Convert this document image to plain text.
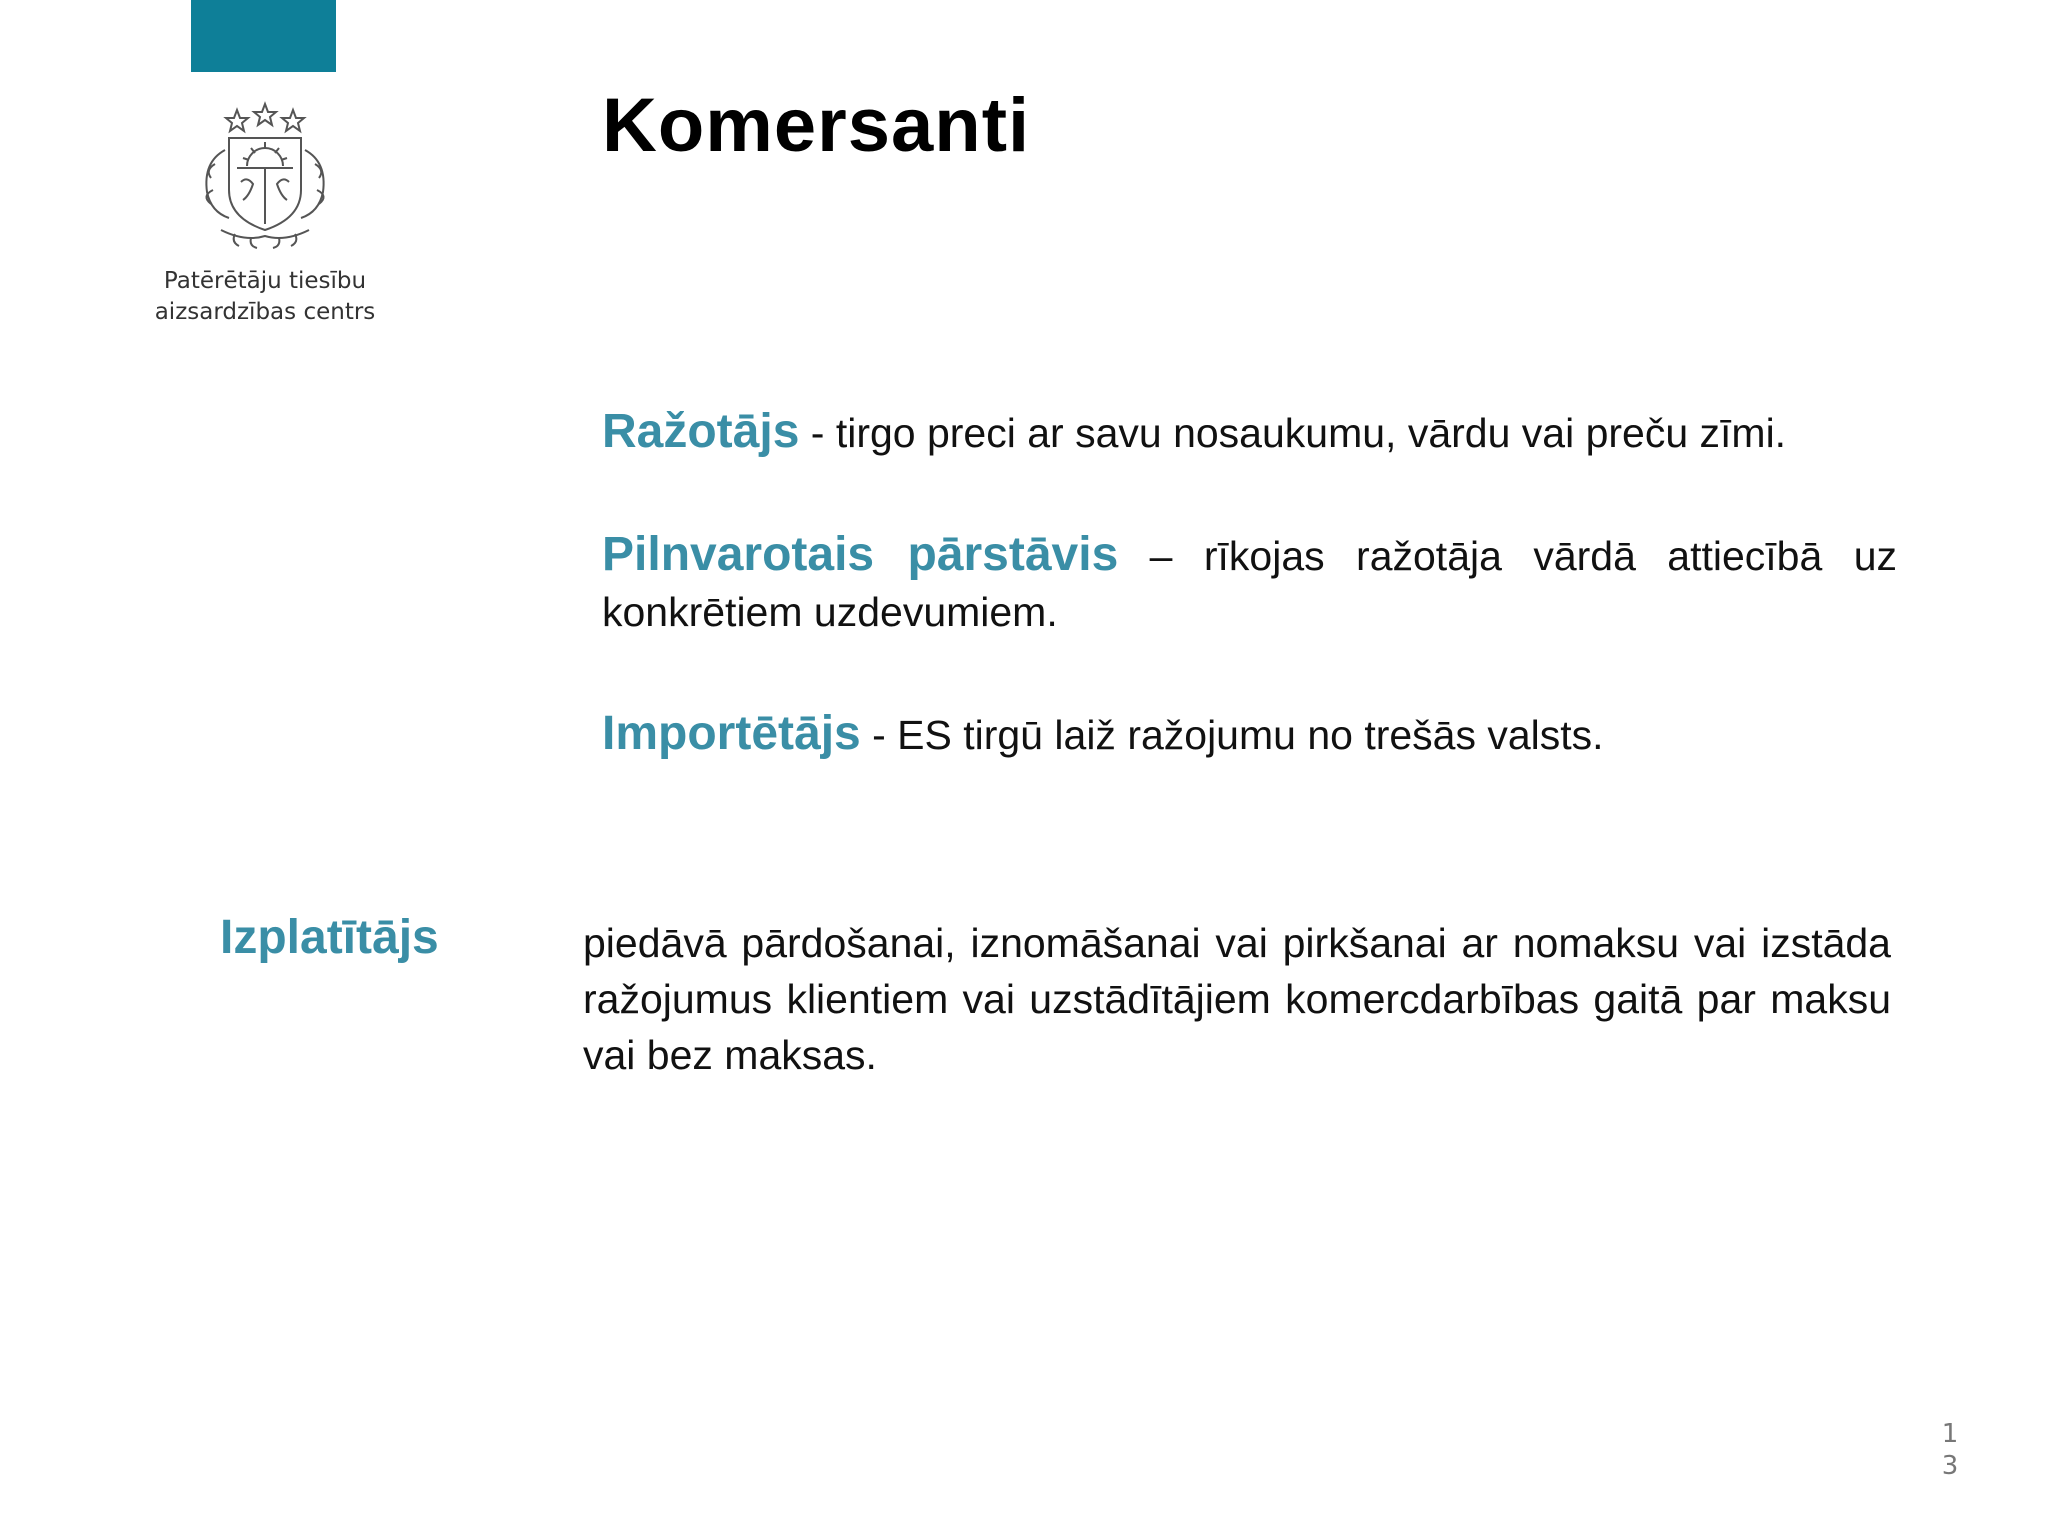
Patērētāju tiesību
aizsardzības centrs
Komersanti

Ražotājs - tirgo preci ar savu nosaukumu, vārdu vai preču zīmi.

Pilnvarotais pārstāvis – rīkojas ražotāja vārdā attiecībā uz konkrētiem uzdevumiem.

Importētājs - ES tirgū laiž ražojumu no trešās valsts.

Izplatītājs	piedāvā pārdošanai, iznomāšanai vai pirkšanai ar nomaksu vai izstāda ražojumus klientiem vai uzstādītājiem komercdarbības gaitā par maksu vai bez maksas.

13
